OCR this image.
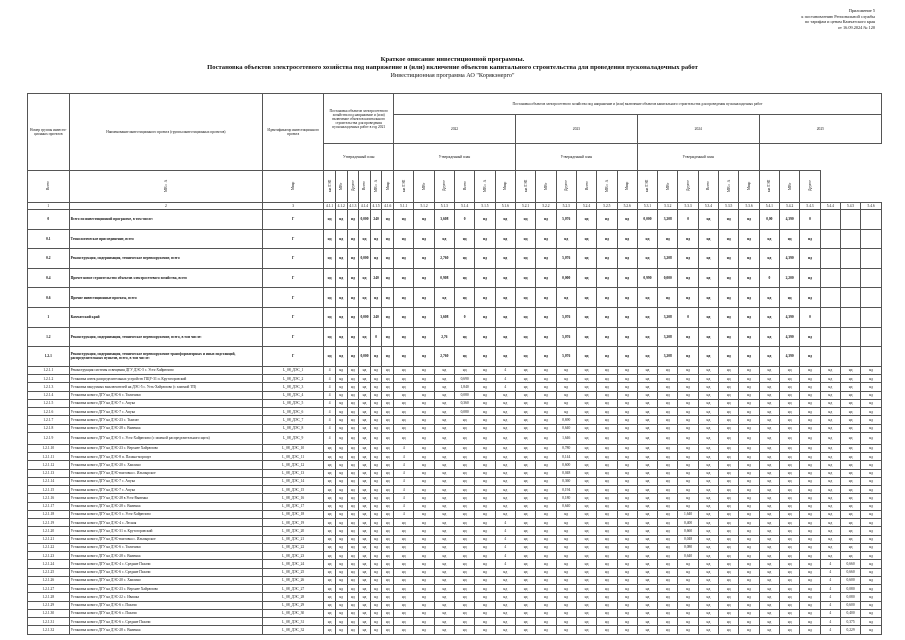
Приложение 5
к постановлению Региональной службы
по тарифам и ценам Камчатского края
от 16.09.2024 № 120
Краткое описание инвестиционной программы.
Постановка объектов электросетевого хозяйства под напряжение и (или) включение объектов капитального строительства для проведения пусконаладочных работ
Инвестиционная программа АО "Корякэнерго"
Номер группы инвести-ционных проектов	Наименование инвестиционного проекта (группы инвестиционных проектов)	Идентификатор инвестиционного проекта	Постановка объектов электросетевого хозяйства под напряжение и (или) включение объектов капитального строительства для проведения пусконаладочных работ в год 2021						Постановка объектов электросетевого хозяйства под напряжение и (или) включение объектов капитального строительства для проведения пусконаладочных работ																							
									2022						2023						2024						2025					
			Утвержденный план						Утвержденный план						Утвержденный план						Утвержденный план											
Всего	МВ×А	Мвар	км ЛЭП	МВт	Другое	Всего	МВ×А	Мвар	км ЛЭП	МВт	Другое	Всего	МВ×А	Мвар	км ЛЭП	МВт	Другое	Всего	МВ×А	Мвар	км ЛЭП	МВт	Другое	Всего	МВ×А	Мвар	км ЛЭП	МВт	Другое			
1	2	3	4.1.1	4.1.2	4.1.3	4.1.4	4.1.5	4.1.6	5.1.1	5.1.2	5.1.3	5.1.4	5.1.5	5.1.6	5.2.1	5.2.2	5.2.3	5.2.4	5.2.5	5.2.6	5.3.1	5.3.2	5.3.3	5.3.4	5.3.5	5.3.6	5.4.1	5.4.2	5.4.3	5.4.4	5.4.5	5.4.6
0	Всего по инвестиционной программе, в том числе:	Г	нд	нд	нд	0,000	240	нд	нд	нд	3,608	0	нд	нд	нд	нд	5,076	нд	нд	нд	0,000	3,208	0	нд	нд	нд	0,00	4,390	0			
0.1	Технологическое присоединение, всего	Г	нд	нд	нд	нд	нд	нд	нд	нд	нд	нд	нд	нд	нд	нд	нд	нд	нд	нд	нд	нд	нд	нд	нд	нд	нд	нд	нд			
0.2	Реконструкция, модернизация, техническое перевооружение, всего	Г	нд	нд	нд	0,000	нд	нд	нд	нд	2,760	нд	нд	нд	нд	нд	5,076	нд	нд	нд	нд	3,208	нд	нд	нд	нд	нд	4,390	нд			
0.4	Прочее новое строительство объектов электросетевого хозяйства, всего	Г	нд	нд	нд	нд	240	нд	нд	нд	0,908	нд	нд	нд	нд	нд	0,000	нд	нд	нд	0,990	0,000	нд	нд	нд	нд	0	2,200	нд			
0.6	Прочие инвестиционные проекты, всего	Г	нд	нд	нд	нд	нд	нд	нд	нд	нд	нд	нд	нд	нд	нд	нд	нд	нд	нд	нд	нд	нд	нд	нд	нд	нд	нд	нд			
1	Камчатский край	Г	нд	нд	нд	0,000	240	нд	нд	нд	3,608	0	нд	нд	нд	нд	5,076	нд	нд	нд	нд	3,208	0	нд	нд	нд	нд	4,390	0			
1.2	Реконструкция, модернизация, техническое перевооружение, всего, в том числе:	Г	нд	нд	нд	нд	0	нд	нд	нд	2,76	нд	нд	нд	нд	нд	5,076	нд	нд	нд	нд	3,208	нд	нд	нд	нд	нд	4,390	нд			
1.2.1	Реконструкция, модернизация, техническое перевооружение трансформаторных и иных подстанций, распределительных пунктов, всего, в том числе:	Г	нд	нд	нд	0,000	нд	нд	нд	нд	2,760	нд	нд	нд	нд	нд	5,076	нд	нд	нд	нд	3,208	нд	нд	нд	нд	нд	4,390	нд			
1.2.1.1	Реконструкция системы освещения ДГУ ДЭС-5 с. Усть-Хайрюзово	L_08_ДЭС_1	4	нд	нд	нд	нд	нд	нд	нд	нд	нд	нд	4	нд	нд	нд	нд	нд	нд	нд	нд	нд	нд	нд	нд	нд	нд	нд	нд	нд	нд
1.2.1.2	Установка ячеек распределительных устройств ГЩУ-31 п. Крутогоровский	L_08_ДЭС_2	4	нд	нд	нд	нд	нд	нд	нд	нд	0,690	нд	4	нд	нд	нд	нд	нд	нд	нд	нд	нд	нд	нд	нд	нд	нд	нд	нд	нд	нд
1.2.1.3	Установка вакуумных выключателей на ДЭС-5 с. Усть-Хайрюзово (с заменой ТП)	L_08_ДЭС_3	4	нд	нд	нд	нд	нд	нд	нд	нд	1,840	нд	4	нд	нд	нд	нд	нд	нд	нд	нд	нд	нд	нд	нд	нд	нд	нд	нд	нд	нд
1.2.1.4	Установка нового ДГУ на ДЭС-6 с. Тиличики	L_08_ДЭС_4	4	нд	нд	нд	нд	нд	нд	нд	нд	0,080	нд	нд	нд	нд	нд	нд	нд	нд	нд	нд	нд	нд	нд	нд	нд	нд	нд	нд	нд	нд
1.2.1.5	Установка нового ДГУ на ДЭС-7 с. Апука	L_08_ДЭС_5	4	нд	нд	нд	нд	нд	нд	нд	нд	0,360	нд	нд	нд	нд	нд	нд	нд	нд	нд	нд	нд	нд	нд	нд	нд	нд	нд	нд	нд	нд
1.2.1.6	Установка нового ДГУ на ДЭС-7 с. Апука	L_08_ДЭС_6	4	нд	нд	нд	нд	нд	нд	нд	нд	0,080	нд	нд	нд	нд	нд	нд	нд	нд	нд	нд	нд	нд	нд	нд	нд	нд	нд	нд	нд	нд
1.2.1.7	Установка нового ДГУ на ДЭС-23 с. Тымлат	L_08_ДЭС_7	4	нд	нд	нд	нд	нд	нд	нд	нд	нд	нд	нд	нд	нд	0,690	нд	нд	нд	нд	нд	нд	нд	нд	нд	нд	нд	нд	нд	нд	нд
1.2.1.8	Установка нового ДГУ на ДЭС-28 с. Вывенка	L_08_ДЭС_8	4	нд	нд	нд	нд	нд	нд	нд	нд	нд	нд	нд	нд	нд	0,640	нд	нд	нд	нд	нд	нд	нд	нд	нд	нд	нд	нд	нд	нд	нд
1.2.1.9	Установка нового ДГУ на ДЭС-5 с. Усть-Хайрюзово (с заменой распределительного щита)	L_08_ДЭС_9	4	нд	нд	нд	нд	нд	нд	нд	нд	нд	нд	нд	нд	нд	1,646	нд	нд	нд	нд	нд	нд	нд	нд	нд	нд	нд	нд	нд	нд	нд
1.2.1.10	Установка нового ДГУ на ДЭС-23 с. Верхнее Хайрюзово	L_08_ДЭС_10	нд	нд	нд	нд	нд	нд	4	нд	нд	нд	нд	нд	нд	нд	0,780	нд	нд	нд	нд	нд	нд	нд	нд	нд	нд	нд	нд	нд	нд	нд
1.2.1.11	Установка нового ДГУ на ДЭС-8 п. Палана-морпорт	L_08_ДЭС_11	нд	нд	нд	нд	нд	нд	4	нд	нд	нд	нд	нд	нд	нд	0,144	нд	нд	нд	нд	нд	нд	нд	нд	нд	нд	нд	нд	нд	нд	нд
1.2.1.12	Установка нового ДГУ на ДЭС-20 с. Хаилино	L_08_ДЭС_12	нд	нд	нд	нд	нд	нд	4	нд	нд	нд	нд	нд	нд	нд	0,600	нд	нд	нд	нд	нд	нд	нд	нд	нд	нд	нд	нд	нд	нд	нд
1.2.1.13	Установка нового ДГУ на ДЭС-вахтовка с. Ильпырское	L_08_ДЭС_13	нд	нд	нд	нд	нд	нд	4	нд	нд	нд	нд	нд	нд	нд	0,048	нд	нд	нд	нд	нд	нд	нд	нд	нд	нд	нд	нд	нд	нд	нд
1.2.1.14	Установка нового ДГУ на ДЭС-7 с. Апука	L_08_ДЭС_14	нд	нд	нд	нд	нд	нд	4	нд	нд	нд	нд	нд	нд	нд	0,360	нд	нд	нд	нд	нд	нд	нд	нд	нд	нд	нд	нд	нд	нд	нд
1.2.1.15	Установка нового ДГУ на ДЭС-7 с. Апука	L_08_ДЭС_15	нд	нд	нд	нд	нд	нд	4	нд	нд	нд	нд	нд	нд	нд	0,194	нд	нд	нд	нд	нд	нд	нд	нд	нд	нд	нд	нд	нд	нд	нд
1.2.1.16	Установка нового ДГУ на ДЭС-28 в Усть-Вывенка	L_08_ДЭС_16	нд	нд	нд	нд	нд	нд	4	нд	нд	нд	нд	нд	нд	нд	0,180	нд	нд	нд	нд	нд	нд	нд	нд	нд	нд	нд	нд	нд	нд	нд
1.2.1.17	Установка нового ДГУ на ДЭС-28 с. Вывенка	L_08_ДЭС_17	нд	нд	нд	нд	нд	нд	4	нд	нд	нд	нд	нд	нд	нд	0,640	нд	нд	нд	нд	нд	нд	нд	нд	нд	нд	нд	нд	нд	нд	нд
1.2.1.18	Установка нового ДГУ на ДЭС-5 с. Усть-Хайрюзово	L_08_ДЭС_18	нд	нд	нд	нд	нд	нд	4	нд	нд	нд	нд	нд	нд	нд	нд	нд	нд	нд	нд	нд	1,640	нд	нд	нд	нд	нд	нд	нд	нд	нд
1.2.1.19	Установка нового ДГУ на ДЭС-4 с. Лесная	L_08_ДЭС_19	нд	нд	нд	нд	нд	нд	нд	нд	нд	нд	нд	4	нд	нд	нд	нд	нд	нд	нд	нд	0,400	нд	нд	нд	нд	нд	нд	нд	нд	нд
1.2.1.20	Установка нового ДГУ на ДЭС-31 п. Крутогоровский	L_08_ДЭС_20	нд	нд	нд	нд	нд	нд	нд	нд	нд	нд	нд	4	нд	нд	нд	нд	нд	нд	нд	нд	0,660	нд	нд	нд	нд	нд	нд	нд	нд	нд
1.2.1.21	Установка нового ДГУ на ДЭС-вахтовка с. Ильпырское	L_08_ДЭС_21	нд	нд	нд	нд	нд	нд	нд	нд	нд	нд	нд	4	нд	нд	нд	нд	нд	нд	нд	нд	0,048	нд	нд	нд	нд	нд	нд	нд	нд	нд
1.2.1.22	Установка нового ДГУ на ДЭС-6 с. Тиличики	L_08_ДЭС_22	нд	нд	нд	нд	нд	нд	нд	нд	нд	нд	нд	4	нд	нд	нд	нд	нд	нд	нд	нд	0,080	нд	нд	нд	нд	нд	нд	нд	нд	нд
1.2.1.23	Установка нового ДГУ на ДЭС-28 с. Вывенка	L_08_ДЭС_23	нд	нд	нд	нд	нд	нд	нд	нд	нд	нд	нд	4	нд	нд	нд	нд	нд	нд	нд	нд	0,640	нд	нд	нд	нд	нд	нд	нд	нд	нд
1.2.1.24	Установка нового ДГУ на ДЭС-4 с. Средние Пахачи	L_08_ДЭС_24	нд	нд	нд	нд	нд	нд	нд	нд	нд	нд	нд	4	нд	нд	нд	нд	нд	нд	нд	нд	нд	нд	нд	нд	нд	нд	нд	4	0,660	нд
1.2.1.25	Установка нового ДГУ на ДЭС-6 с. Средние Пахачи	L_08_ДЭС_25	нд	нд	нд	нд	нд	нд	нд	нд	нд	нд	нд	нд	нд	нд	нд	нд	нд	нд	нд	нд	нд	нд	нд	нд	нд	нд	нд	4	0,660	нд
1.2.1.26	Установка нового ДГУ на ДЭС-20 с. Хаилино	L_08_ДЭС_26	нд	нд	нд	нд	нд	нд	нд	нд	нд	нд	нд	нд	нд	нд	нд	нд	нд	нд	нд	нд	нд	нд	нд	нд	нд	нд	нд	4	0,600	нд
1.2.1.27	Установка нового ДГУ на ДЭС-23 с. Верхнее Хайрюзово	L_08_ДЭС_27	нд	нд	нд	нд	нд	нд	нд	нд	нд	нд	нд	нд	нд	нд	нд	нд	нд	нд	нд	нд	нд	нд	нд	нд	нд	нд	нд	4	0,080	нд
1.2.1.28	Установка нового ДГУ на ДЭС-22 с. Ивашка	L_08_ДЭС_28	нд	нд	нд	нд	нд	нд	нд	нд	нд	нд	нд	нд	нд	нд	нд	нд	нд	нд	нд	нд	нд	нд	нд	нд	нд	нд	нд	4	0,080	нд
1.2.1.29	Установка нового ДГУ на ДЭС-6 с. Пахачи	L_08_ДЭС_29	нд	нд	нд	нд	нд	нд	нд	нд	нд	нд	нд	нд	нд	нд	нд	нд	нд	нд	нд	нд	нд	нд	нд	нд	нд	нд	нд	4	0,600	нд
1.2.1.30	Установка нового ДГУ на ДЭС-6 с. Пахачи	L_08_ДЭС_30	нд	нд	нд	нд	нд	нд	нд	нд	нд	нд	нд	нд	нд	нд	нд	нд	нд	нд	нд	нд	нд	нд	нд	нд	нд	нд	нд	4	0,400	нд
1.2.1.31	Установка нового ДГУ на ДЭС-6 с. Средние Пахачи	L_08_ДЭС_31	нд	нд	нд	нд	нд	нд	нд	нд	нд	нд	нд	нд	нд	нд	нд	нд	нд	нд	нд	нд	нд	нд	нд	нд	нд	нд	нд	4	0,375	нд
1.2.1.32	Установка нового ДГУ на ДЭС-28 с. Вывенка	L_08_ДЭС_32	нд	нд	нд	нд	нд	нд	нд	нд	нд	нд	нд	нд	нд	нд	нд	нд	нд	нд	нд	нд	нд	нд	нд	нд	нд	нд	нд	4	0,229	нд
